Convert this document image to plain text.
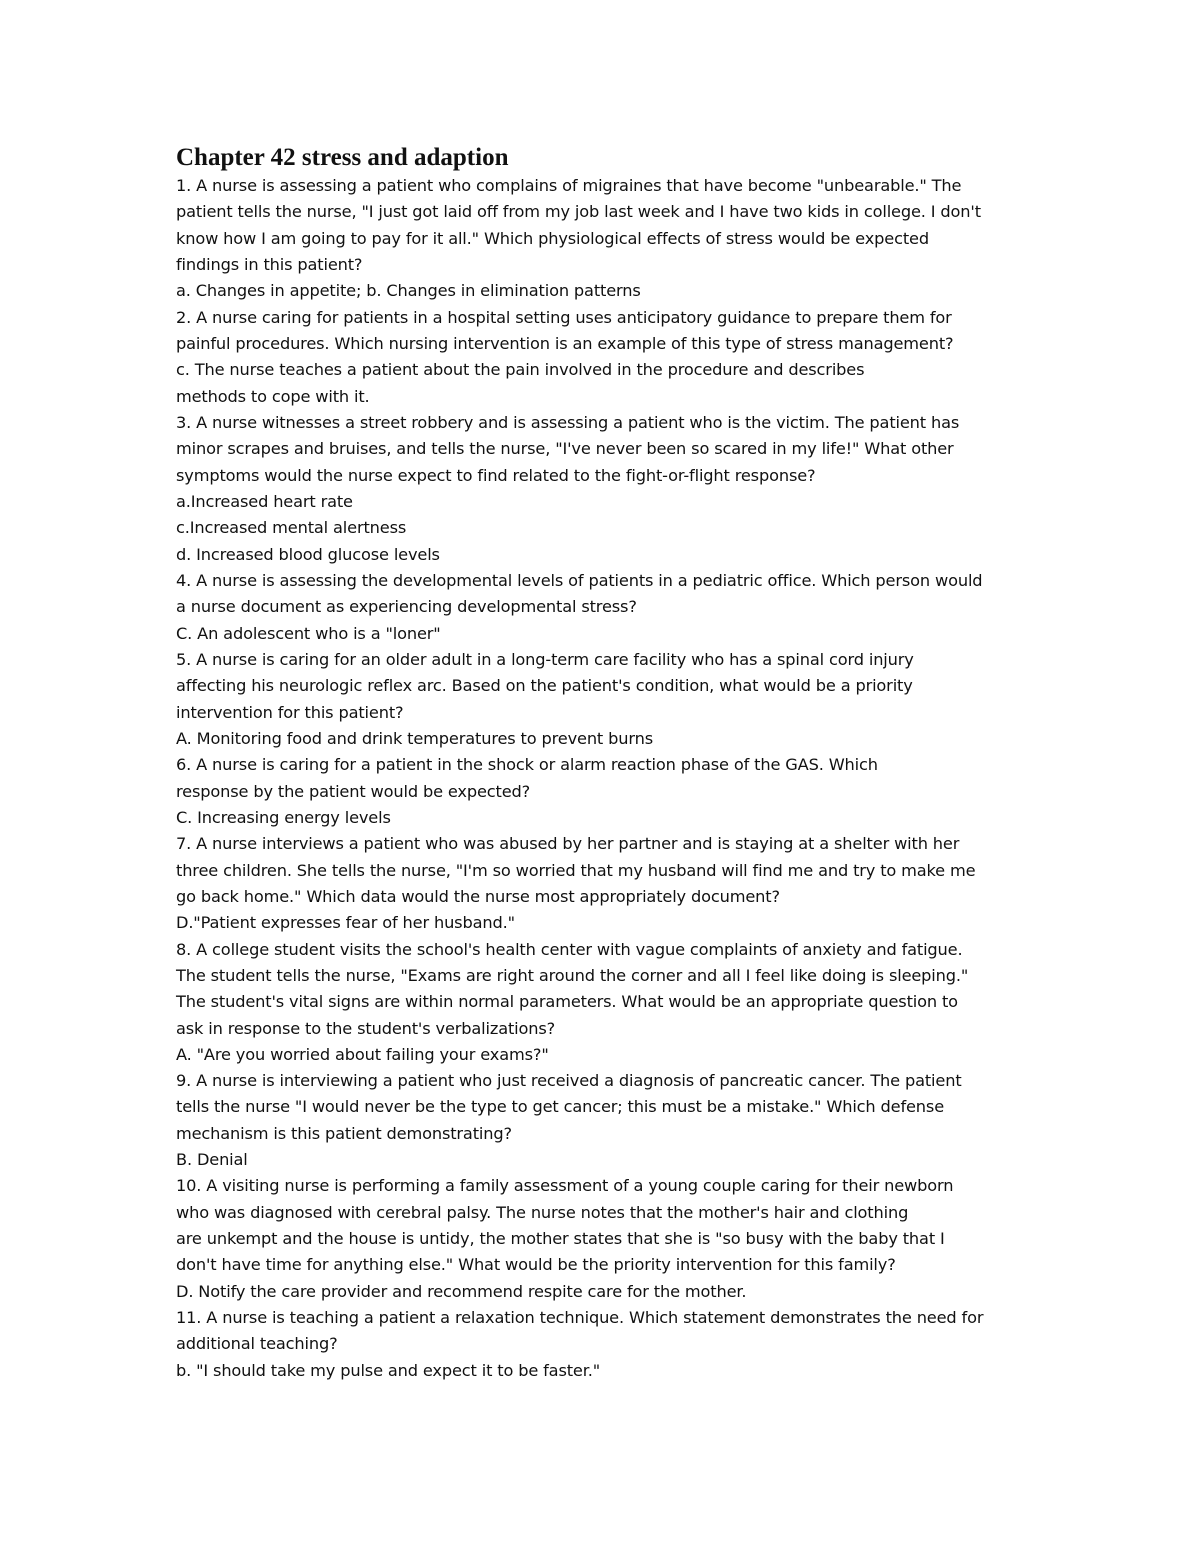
Chapter 42 stress and adaption
1. A nurse is assessing a patient who complains of migraines that have become "unbearable." The
patient tells the nurse, "I just got laid off from my job last week and I have two kids in college. I don't
know how I am going to pay for it all." Which physiological effects of stress would be expected
findings in this patient?
a. Changes in appetite; b. Changes in elimination patterns
2. A nurse caring for patients in a hospital setting uses anticipatory guidance to prepare them for
painful procedures. Which nursing intervention is an example of this type of stress management?
c. The nurse teaches a patient about the pain involved in the procedure and describes
methods to cope with it.
3. A nurse witnesses a street robbery and is assessing a patient who is the victim. The patient has
minor scrapes and bruises, and tells the nurse, "I've never been so scared in my life!" What other
symptoms would the nurse expect to find related to the fight-or-flight response?
a.Increased heart rate
c.Increased mental alertness
d. Increased blood glucose levels
4. A nurse is assessing the developmental levels of patients in a pediatric office. Which person would
a nurse document as experiencing developmental stress?
C. An adolescent who is a "loner"
5. A nurse is caring for an older adult in a long-term care facility who has a spinal cord injury
affecting his neurologic reflex arc. Based on the patient's condition, what would be a priority
intervention for this patient?
A. Monitoring food and drink temperatures to prevent burns
6. A nurse is caring for a patient in the shock or alarm reaction phase of the GAS. Which
response by the patient would be expected?
C. Increasing energy levels
7. A nurse interviews a patient who was abused by her partner and is staying at a shelter with her
three children. She tells the nurse, "I'm so worried that my husband will find me and try to make me
go back home." Which data would the nurse most appropriately document?
D."Patient expresses fear of her husband."
8. A college student visits the school's health center with vague complaints of anxiety and fatigue.
The student tells the nurse, "Exams are right around the corner and all I feel like doing is sleeping."
The student's vital signs are within normal parameters. What would be an appropriate question to
ask in response to the student's verbalizations?
A. "Are you worried about failing your exams?"
9. A nurse is interviewing a patient who just received a diagnosis of pancreatic cancer. The patient
tells the nurse "I would never be the type to get cancer; this must be a mistake." Which defense
mechanism is this patient demonstrating?
B. Denial
10. A visiting nurse is performing a family assessment of a young couple caring for their newborn
who was diagnosed with cerebral palsy. The nurse notes that the mother's hair and clothing
are unkempt and the house is untidy, the mother states that she is "so busy with the baby that I
don't have time for anything else." What would be the priority intervention for this family?
D. Notify the care provider and recommend respite care for the mother.
11. A nurse is teaching a patient a relaxation technique. Which statement demonstrates the need for
additional teaching?
b. "I should take my pulse and expect it to be faster."
